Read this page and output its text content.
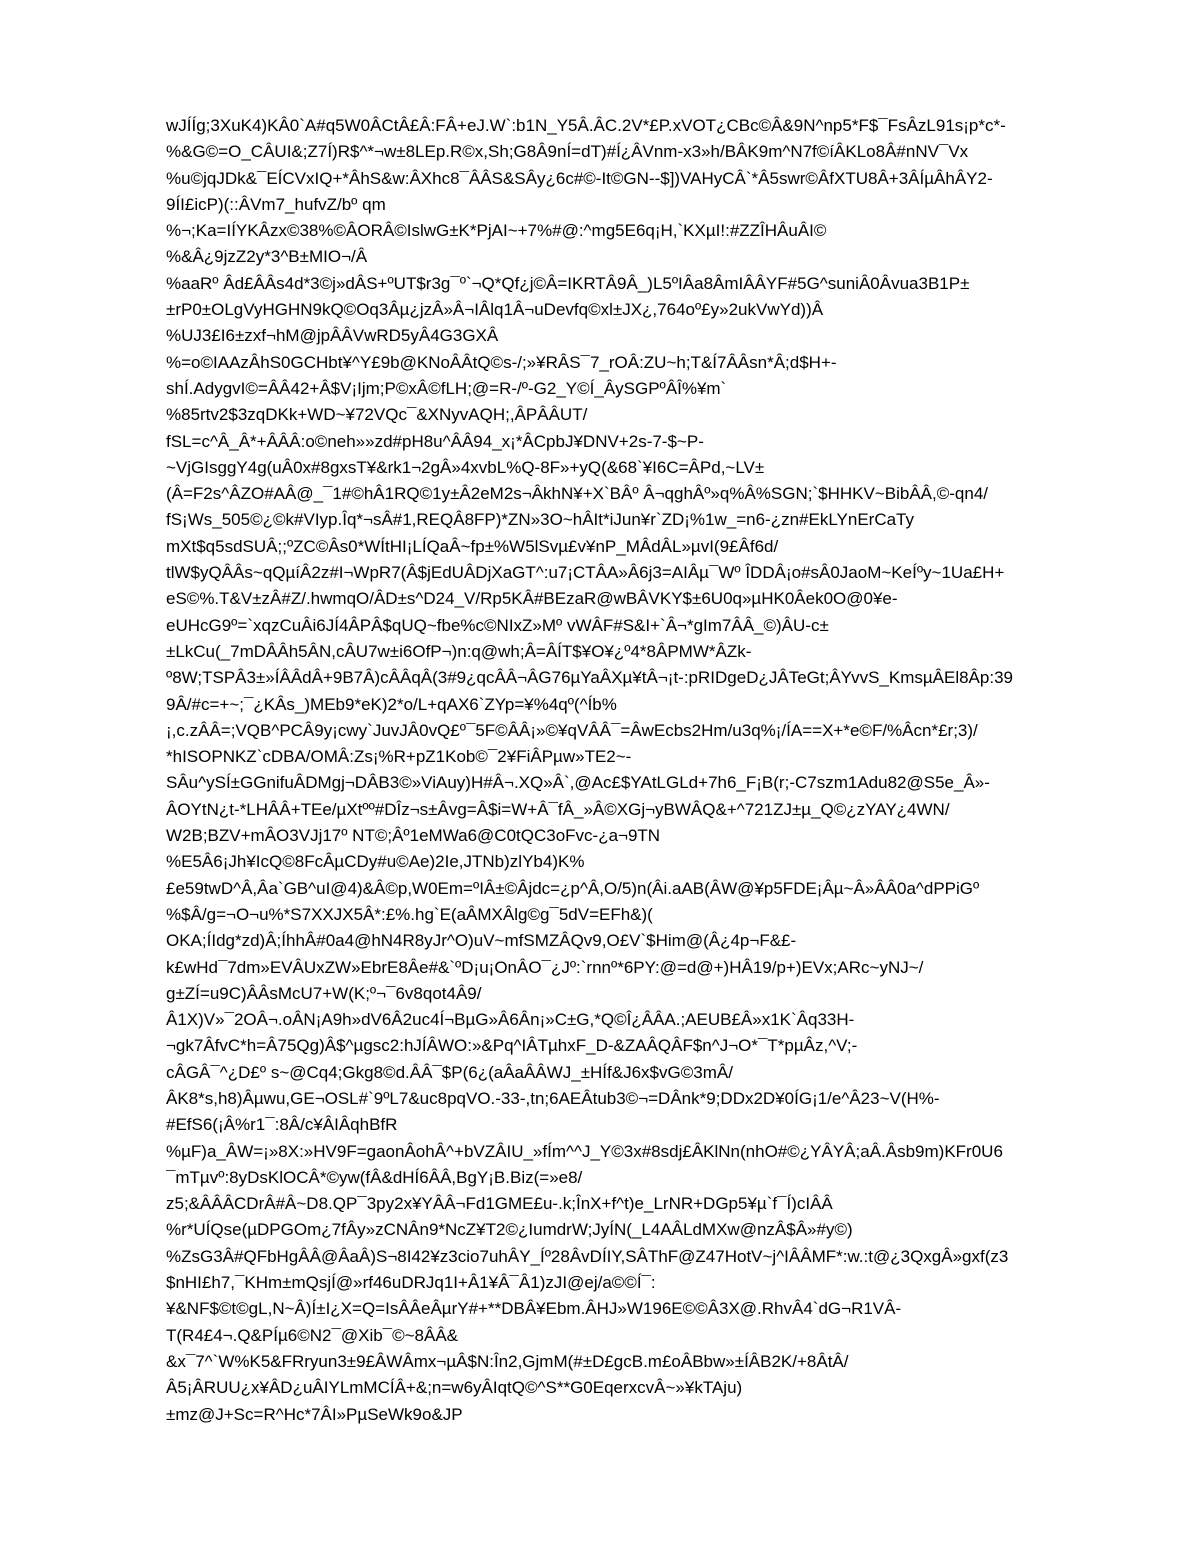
wJÍÍg;3XuK4)KÂ0`A#q5W0ÂCtÂ£Â:FÂ+eJ.W`:b1N_Y5Â.ÂC.2V*£P.xVOT¿CBc©Â&9N^np5*F$¯FsÂzL91s¡p*c*-
%&G©=O_CÂUI&;Z7Í)R$^*¬w±8LEp.R©x,Sh;G8Â9nÍ=dT)#Í¿ÂVnm-x3»h/BÂK9m^N7f©íÂKLo8Â#nNV¯Vx
%u©jqJDk&¯EÍCVxIQ+*ÂhS&w:ÂXhc8¯ÂÂS&SÂy¿6c#©-It©GN--$])VAHyCÂ`*Â5swr©ÂfXTU8Â+3ÂÍµÂhÂY2-
9ÍI£icP)(::ÂVm7_hufvZ/bº qm
%¬;Ka=IÍYKÂzx©38%©ÂORÂ©IslwG±K*PjAI~+7%#@:^mg5E6q¡H,`KXµI!:#ZZÎHÂuÂI©
%&Â¿9jzZ2y*3^B±MIO¬/Â
%aaRº Âd£ÂÂs4d*3©j»dÂS+ºUT$r3g¯º`¬Q*Qf¿j©Â=IKRTÂ9Â_)L5ºIÂa8ÂmIÂÂYF#5G^suniÂ0Âvua3B1P±
±rP0±OLgVyHGHN9kQ©Oq3Âµ¿jzÂ»Â¬IÂlq1Â¬uDevfq©xl±JX¿,764oº£y»2ukVwYd))Â
%UJ3£I6±zxf¬hM@jpÂÂVwRD5yÂ4G3GXÂ
%=o©IAAzÂhS0GCHbt¥^Y£9b@KNoÂÂtQ©s-/;»¥RÂS¯7_rOÂ:ZU~h;T&Í7ÂÂsn*Â;d$H+-
shÍ.AdygvI©=ÂÂ42+Â$V¡Ijm;P©xÂ©fLH;@=R-/º-G2_Y©Í_ÂySGPºÂÎ%¥m`
%85rtv2$3zqDKk+WD~¥72VQc¯&XNyvAQH;,ÂPÂÂUT/
fSL=c^Â_Â*+ÂÂÂ:o©neh»»zd#pH8u^ÂÂ94_x¡*ÂCpbJ¥DNV+2s-7-$~P-
~VjGIsggY4g(uÂ0x#8gxsT¥&rk1¬2gÂ»4xvbL%Q-8F»+yQ(&68`¥I6C=ÂPd,~LV±
(Â=F2s^ÂZO#AÂ@_¯1#©hÂ1RQ©1y±Â2eM2s¬ÂkhN¥+X`BÂº Â¬qghÂº»q%Â%SGN;`$HHKV~BibÂÂ,©-qn4/
fS¡Ws_505©¿©k#VIyp.Îq*¬sÂ#1,REQÂ8FP)*ZN»3O~hÂIt*iJun¥r`ZD¡%1w_=n6-¿zn#EkLYnErCaTy
mXt$q5sdSUÂ;;ºZC©Âs0*WÍtHI¡LÍQaÂ~fp±%W5lSvµ£v¥nP_MÂdÂL»µvI(9£Âf6d/
tlW$yQÂÂs~qQµíÂ2z#I¬WpR7(Â$jEdUÂDjXaGT^:u7¡CTÂA»Â6j3=AIÂµ¯Wº ÎDDÂ¡o#sÂ0JaoM~KeÍºy~1Ua£H+
eS©%.T&V±zÂ#Z/.hwmqO/ÂD±s^D24_V/Rp5KÂ#BEzaR@wBÂVKY$±6U0q»µHK0Âek0O@0¥e-
eUHcG9º=`xqzCuÂi6JÍ4ÂPÂ$qUQ~fbe%c©NIxZ»Mº vWÂF#S&I+`Â¬*gIm7ÂÂ_©)ÂU-c±
±LkCu(_7mDÂÂh5ÂN,cÂU7w±i6OfP¬)n:q@wh;Â=ÂÍT$¥O¥¿º4*8ÂPMW*ÂZk-
º8W;TSPÂ3±»ÍÂÂdÂ+9B7Â)cÂÂqÂ(3#9¿qcÂÂ¬ÂG76µYaÂXµ¥tÂ¬¡t-:pRIDgeD¿JÂTeGt;ÂYvvS_KmsµÂEl8Âp:39
9Â/#c=+~;¯¿KÂs_)MEb9*eK)2*o/L+qAX6`ZYp=¥%4qº(^Íb%
¡,c.zÂÂ=;VQB^PCÂ9y¡cwy`JuvJÂ0vQ£º¯5F©ÂÂ¡»©¥qVÂÂ¯=ÂwEcbs2Hm/u3q%¡/ÍA==X+*e©F/%Âcn*£r;3)/
*hISOPNKZ`cDBA/OMÂ:Zs¡%R+pZ1Kob©¯2¥FiÂPµw»TE2~-
SÂu^ySÍ±GGnifuÂDMgj¬DÂB3©»ViAuy)H#Â¬.XQ»Â`,@Ac£$YAtLGLd+7h6_F¡B(r;-C7szm1Adu82@S5e_Â»-
ÂOYtN¿t-*LHÂÂ+TEe/µXtºº#DÎz¬s±Âvg=Â$i=W+Â¯fÂ_»Â©XGj¬yBWÂQ&+^721ZJ±µ_Q©¿zYAY¿4WN/
W2B;BZV+mÂO3VJj17º NT©;Âº1eMWa6@C0tQC3oFvc-¿a¬9TN
%E5Â6¡Jh¥IcQ©8FcÂµCDy#u©Ae)2Ie,JTNb)zlYb4)K%
£e59twD^Â,Âa`GB^uI@4)&Â©p,W0Em=ºIÂ±©Âjdc=¿p^Â,O/5)n(Âi.aAB(ÂW@¥p5FDE¡Âµ~Â»ÂÂ0a^dPPiGº
%$Â/g=¬O¬u%*S7XXJX5Â*:£%.hg`E(aÂMXÂlg©g¯5dV=EFh&)(
OKA;ÍIdg*zd)Â;ÍhhÂ#0a4@hN4R8yJr^O)uV~mfSMZÂQv9,O£V`$Him@(Â¿4p¬F&£-
k£wHd¯7dm»EVÂUxZW»EbrE8Âe#&`ºD¡u¡OnÂO¯¿Jº:`rnnº*6PY:@=d@+)HÂ19/p+)EVx;ARc~yNJ~/
g±ZÍ=u9C)ÂÂsMcU7+W(K;º¬¯6v8qot4Â9/
Â1X)V»¯2OÂ¬.oÂN¡A9h»dV6Â2uc4Í¬BµG»Â6Ân¡»C±G,*Q©Î¿ÂÂA.;AEUB£Â»x1K`Âq33H-
¬gk7ÂfvC*h=Â75Qg)Â$^µgsc2:hJÍÂWO:»&Pq^IÂTµhxF_D-&ZAÂQÂF$n^J¬O*¯T*pµÂz,^V;-
cÂGÂ¯^¿D£º s~@Cq4;Gkg8©d.ÂÂ¯$P(6¿(aÂaÂÂWJ_±HÍf&J6x$vG©3mÂ/
ÂK8*s,h8)Âµwu,GE¬OSL#`9ºL7&uc8pqVO.-33-,tn;6AEÂtub3©¬=DÂnk*9;DDx2D¥0ÍG¡1/e^Â23~V(H%-
#EfS6(¡Â%r1¯:8Â/c¥ÂIÂqhBfR
%µF)a_ÂW=¡»8X:»HV9F=gaonÂohÂ^+bVZÂIU_»fÍm^^J_Y©3x#8sdj£ÂKlNn(nhO#©¿YÂYÂ;aÂ.Âsb9m)KFr0U6
¯mTµvº:8yDsKlOCÂ*©yw(fÂ&dHÍ6ÂÂ,BgY¡B.Biz(=»e8/
z5;&ÂÂÂCDrÂ#Â~D8.QP¯3py2x¥YÂÂ¬Fd1GME£u-.k;ÎnX+f^t)e_LrNR+DGp5¥µ`f¯Í)cIÂÂ
%r*UÍQse(µDPGOm¿7fÂy»zCNÂn9*NcZ¥T2©¿IumdrW;JyÍN(_L4AÂLdMXw@nzÂ$Â»#y©)
%ZsG3Â#QFbHgÂÂ@ÂaÂ)S¬8I42¥z3cio7uhÂY_Íº28ÂvDÍIY,SÂThF@Z47HotV~j^IÂÂMF*:w.:t@¿3QxgÂ»gxf(z3
$nHI£h7,¯KHm±mQsjÍ@»rf46uDRJq1I+Â1¥Â¯Â1)zJI@ej/a©©Í¯:
¥&NF$©t©gL,N~Â)Í±I¿X=Q=IsÂÂeÂµrY#+**DBÂ¥Ebm.ÂHJ»W196E©©Â3X@.RhvÂ4`dG¬R1VÂ-
T(R4£4¬.Q&PÍµ6©N2¯@Xib¯©~8ÂÂ&
&x¯7^`W%K5&FRryun3±9£ÂWÂmx¬µÂ$N:În2,GjmM(#±D£gcB.m£oÂBbw»±ÍÂB2K/+8ÂtÂ/
Â5¡ÂRUU¿x¥ÂD¿uÂIYLmMCÍÂ+&;n=w6yÂIqtQ©^S**G0EqerxcvÂ~»¥kTAju)
±mz@J+Sc=R^Hc*7ÂI»PµSeWk9o&JP
